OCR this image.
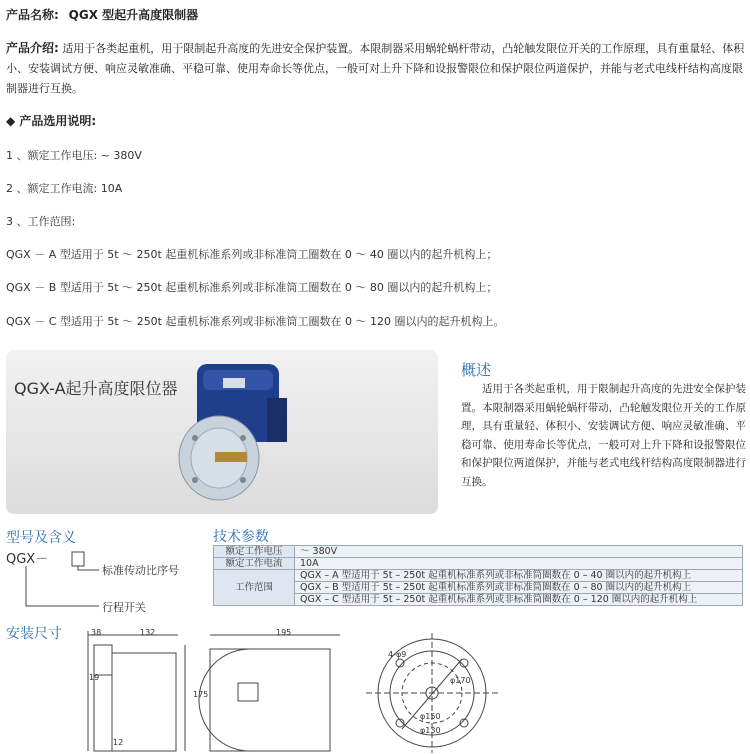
产品名称: QGX 型起升高度限制器
产品介绍: 适用于各类起重机，用于限制起升高度的先进安全保护装置。本限制器采用蜗轮蜗杆带动，凸轮触发限位开关的工作原理，具有重量轻、体积小、安装调试方便、响应灵敏准确、平稳可靠、使用寿命长等优点，一般可对上升下降和设报警限位和保护限位两道保护，并能与老式电线杆结构高度限制器进行互换。
◆ 产品选用说明:
1 、额定工作电压: ~ 380V
2 、额定工作电流: 10A
3 、工作范围:
QGX － A 型适用于 5t ～ 250t 起重机标准系列或非标准筒工圈数在 0 ～ 40 圈以内的起升机构上；
QGX － B 型适用于 5t ～ 250t 起重机标准系列或非标准筒工圈数在 0 ～ 80 圈以内的起升机构上；
QGX － C 型适用于 5t ～ 250t 起重机标准系列或非标准筒工圈数在 0 ～ 120 圈以内的起升机构上。
QGX-A起升高度限位器
概述
适用于各类起重机，用于限制起升高度的先进安全保护装置。本限制器采用蜗轮蜗杆带动，凸轮触发限位开关的工作原理，具有重量轻、体积小、安装调试方便、响应灵敏准确、平稳可靠、使用寿命长等优点，一般可对上升下降和设报警限位和保护限位两道保护，并能与老式电线杆结构高度限制器进行互换。
型号及含义
QGX－
标准传动比序号
行程开关
技术参数
额定工作电压	～ 380V
额定工作电流	10A
工作范围	QGX – A 型适用于 5t – 250t 起重机标准系列或非标准筒圈数在 0 – 40 圈以内的起升机构上
	QGX – B 型适用于 5t – 250t 起重机标准系列或非标准筒圈数在 0 – 80 圈以内的起升机构上
	QGX – C 型适用于 5t – 250t 起重机标准系列或非标准筒圈数在 0 – 120 圈以内的起升机构上
安装尺寸	38	132	195
19
175
12
4-φ9
φ170
φ150
φ130
